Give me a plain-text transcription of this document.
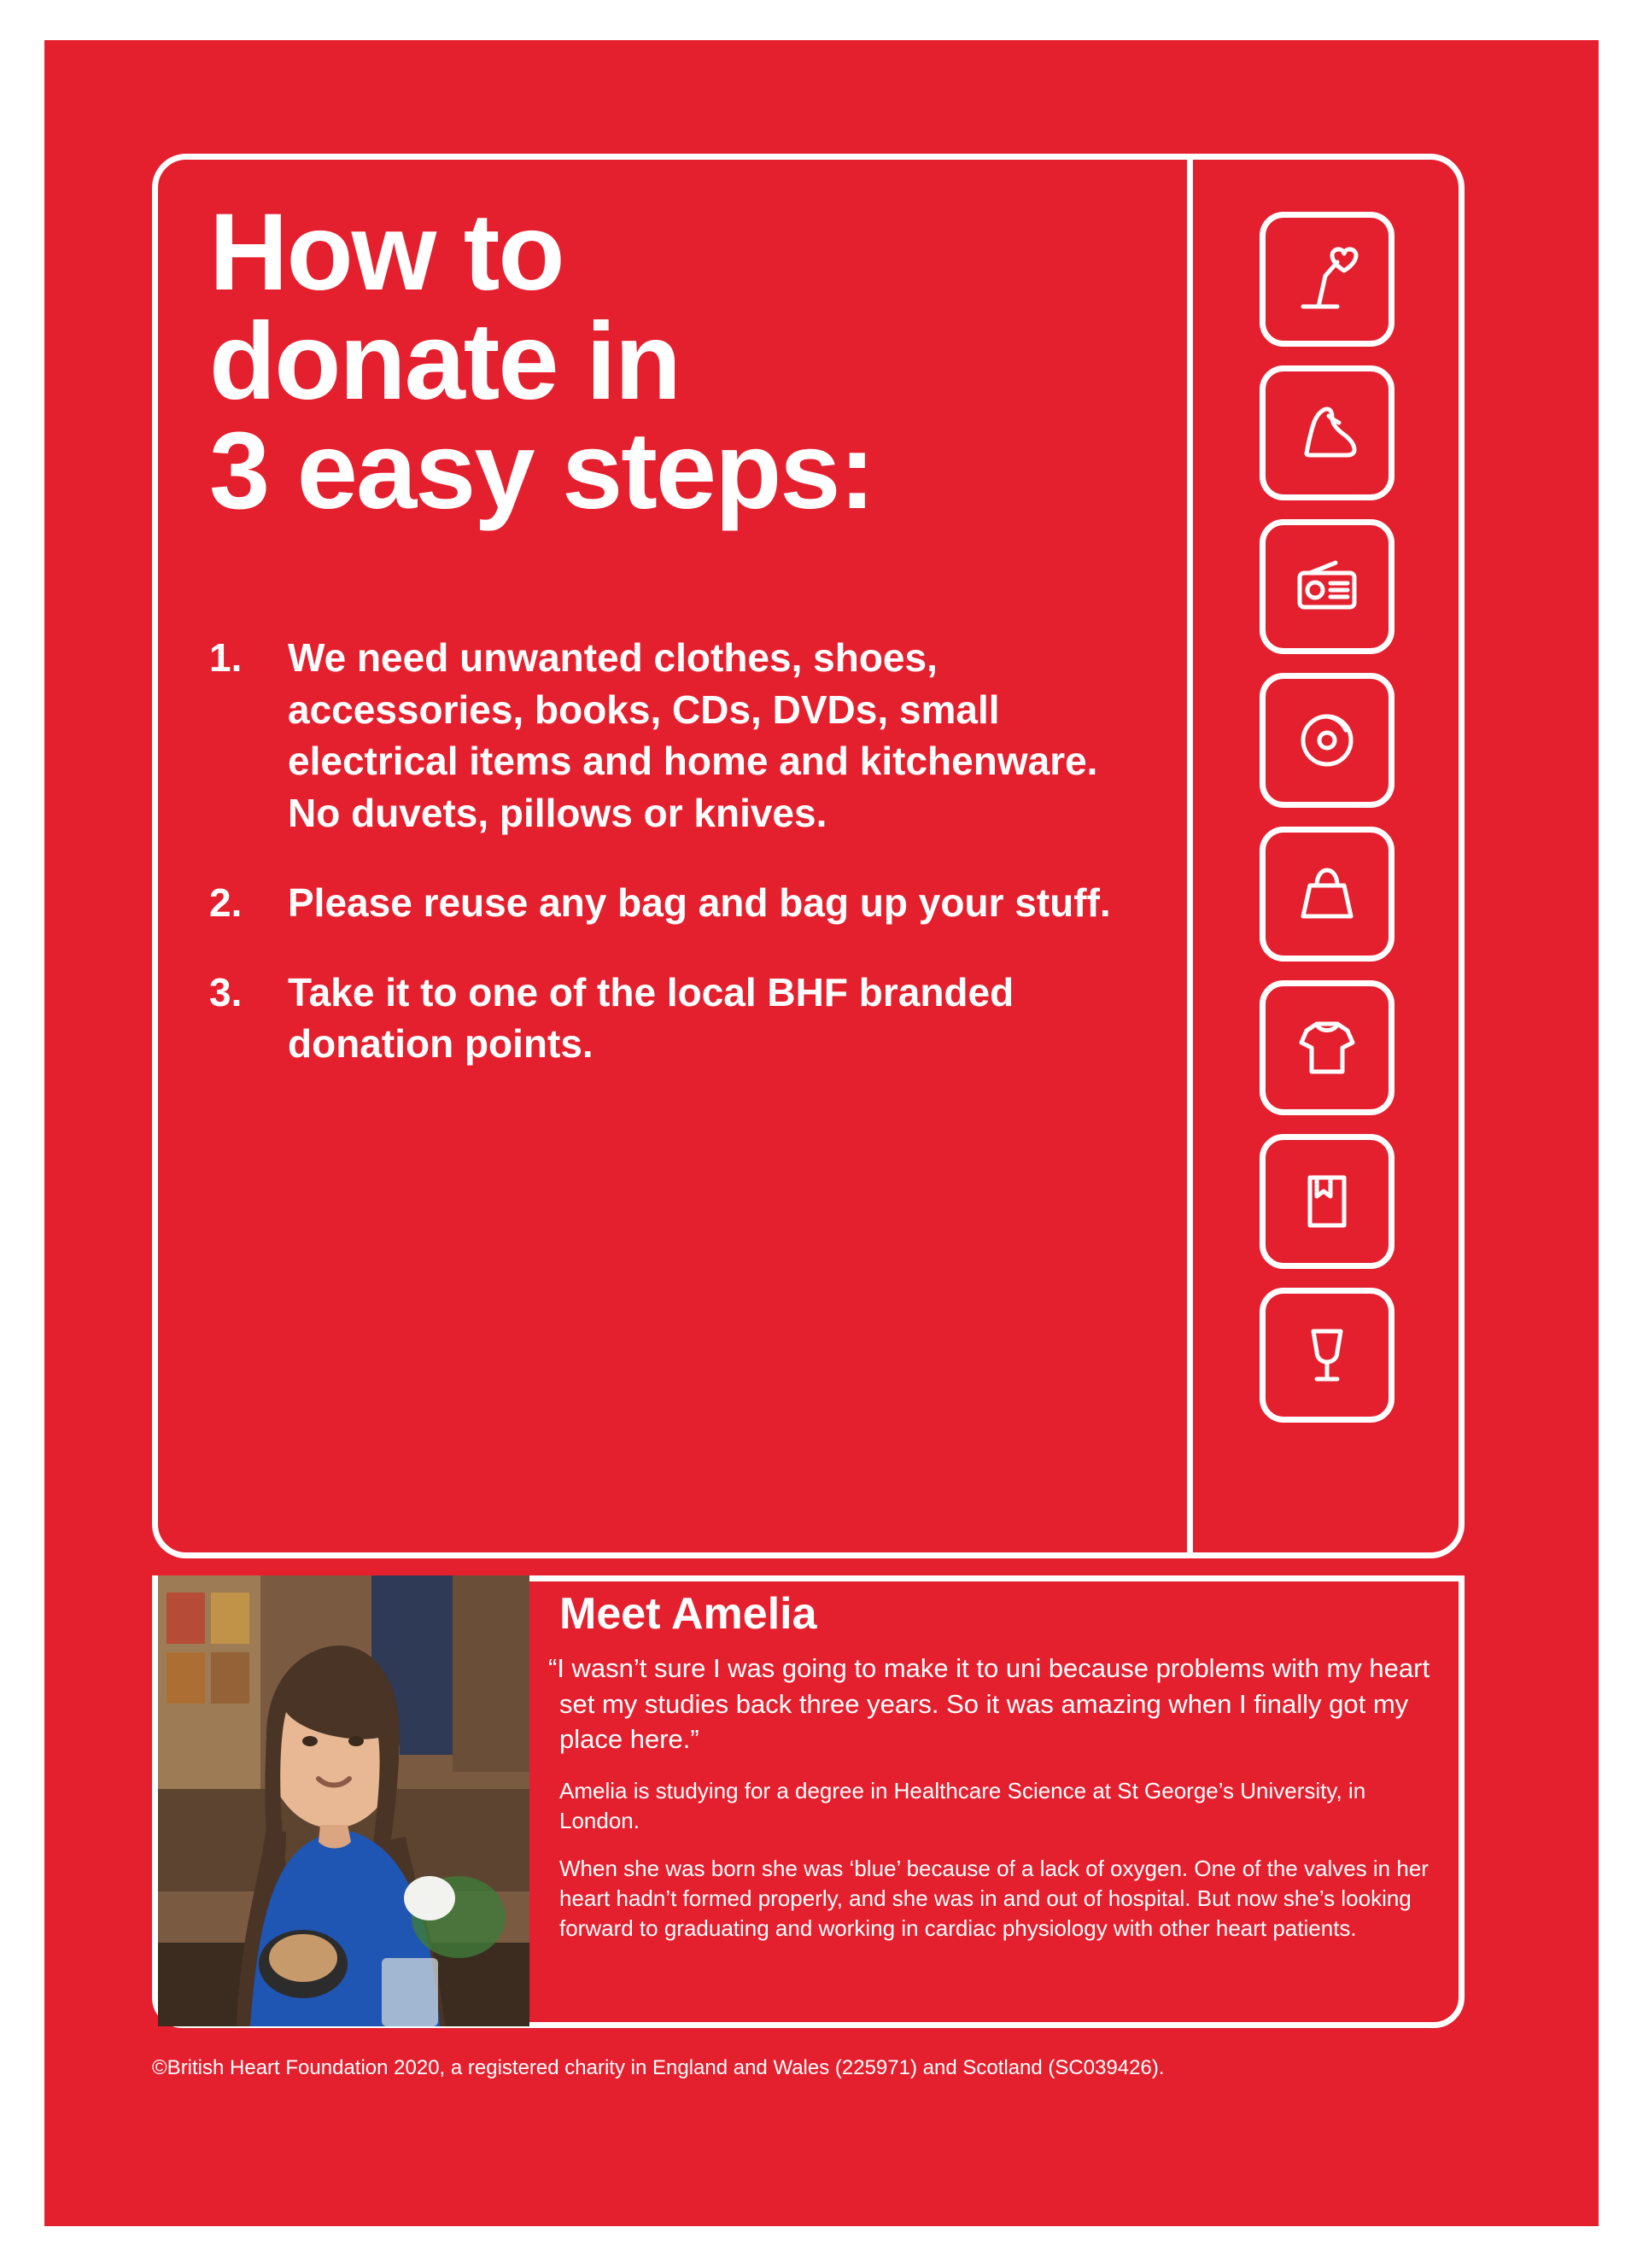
How to
donate in
3 easy steps:
1.	We need unwanted clothes, shoes, accessories, books, CDs, DVDs, small electrical items and home and kitchenware. No duvets, pillows or knives.
2.	Please reuse any bag and bag up your stuff.
3.	Take it to one of the local BHF branded donation points.
Meet Amelia
“I wasn’t sure I was going to make it to uni because problems with my heart set my studies back three years. So it was amazing when I finally got my place here.”
Amelia is studying for a degree in Healthcare Science at St George’s University, in London.
When she was born she was ‘blue’ because of a lack of oxygen. One of the valves in her heart hadn’t formed properly, and she was in and out of hospital. But now she’s looking forward to graduating and working in cardiac physiology with other heart patients.
©British Heart Foundation 2020, a registered charity in England and Wales (225971) and Scotland (SC039426).
